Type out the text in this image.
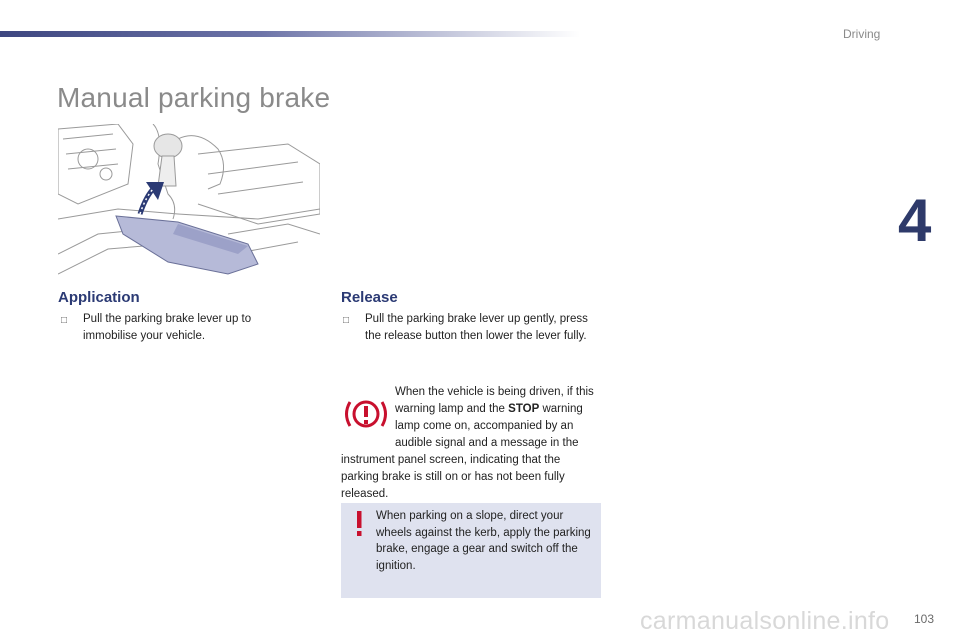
Driving
4
Manual parking brake
Application
□	Pull the parking brake lever up to immobilise your vehicle.
Release
□	Pull the parking brake lever up gently, press the release button then lower the lever fully.
When the vehicle is being driven, if this warning lamp and the STOP warning lamp come on, accompanied by an audible signal and a message in the instrument panel screen, indicating that the parking brake is still on or has not been fully released.
When parking on a slope, direct your wheels against the kerb, apply the parking brake, engage a gear and switch off the ignition.
carmanualsonline.info 103
